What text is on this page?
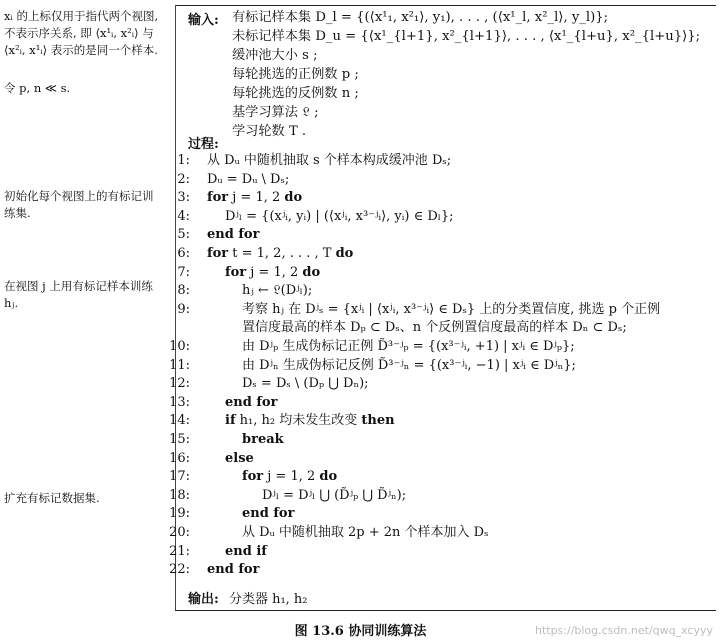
xᵢ 的上标仅用于指代两个视图, 不表示序关系, 即 ⟨x¹ᵢ, x²ᵢ⟩ 与 ⟨x²ᵢ, x¹ᵢ⟩ 表示的是同一个样本.
令 p, n ≪ s.
初始化每个视图上的有标记训练集.
在视图 j 上用有标记样本训练 hⱼ.
扩充有标记数据集.
输入: 有标记样本集 D_l = {(⟨x¹₁, x²₁⟩, y₁), . . . , (⟨x¹_l, x²_l⟩, y_l)};
未标记样本集 D_u = {⟨x¹_{l+1}, x²_{l+1}⟩, . . . , ⟨x¹_{l+u}, x²_{l+u}⟩};
缓冲池大小 s ;
每轮挑选的正例数 p ;
每轮挑选的反例数 n ;
基学习算法 𝔏 ;
学习轮数 T .
过程:
1: 从 Dᵤ 中随机抽取 s 个样本构成缓冲池 Dₛ;
2: Dᵤ = Dᵤ \ Dₛ;
3: for j = 1, 2 do
4:	Dʲₗ = {(xʲᵢ, yᵢ) | (⟨xʲᵢ, x³⁻ʲᵢ⟩, yᵢ) ∈ Dₗ};
5: end for
6: for t = 1, 2, . . . , T do
7:	for j = 1, 2 do
8:	hⱼ ← 𝔏(Dʲₗ);
9:	考察 hⱼ 在 Dʲₛ = {xʲᵢ | ⟨xʲᵢ, x³⁻ʲᵢ⟩ ∈ Dₛ} 上的分类置信度, 挑选 p 个正例
置信度最高的样本 Dₚ ⊂ Dₛ、n 个反例置信度最高的样本 Dₙ ⊂ Dₛ;
10:	由 Dʲₚ 生成伪标记正例 D̃³⁻ʲₚ = {(x³⁻ʲᵢ, +1) | xʲᵢ ∈ Dʲₚ};
11:	由 Dʲₙ 生成伪标记反例 D̃³⁻ʲₙ = {(x³⁻ʲᵢ, −1) | xʲᵢ ∈ Dʲₙ};
12:	Dₛ = Dₛ \ (Dₚ ⋃ Dₙ);
13:	end for
14:	if h₁, h₂ 均未发生改变 then
15:	break
16:	else
17:	for j = 1, 2 do
18:	Dʲₗ = Dʲₗ ⋃ (D̃ʲₚ ⋃ D̃ʲₙ);
19:	end for
20:	从 Dᵤ 中随机抽取 2p + 2n 个样本加入 Dₛ
21:	end if
22: end for
输出: 分类器 h₁, h₂
图 13.6 协同训练算法	https://blog.csdn.net/qwq_xcyyy
